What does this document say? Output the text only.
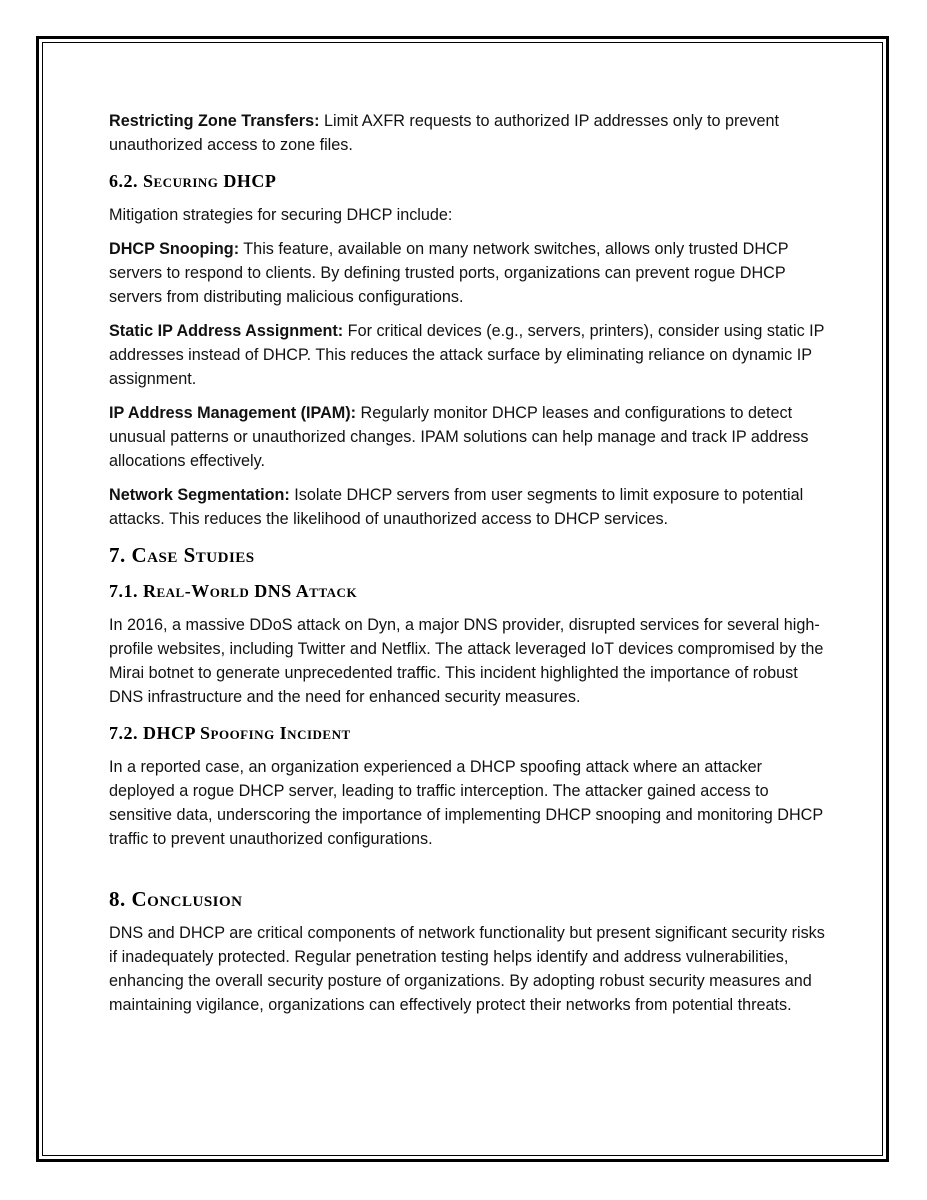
Restricting Zone Transfers: Limit AXFR requests to authorized IP addresses only to prevent unauthorized access to zone files.

6.2. Securing DHCP

Mitigation strategies for securing DHCP include:

DHCP Snooping: This feature, available on many network switches, allows only trusted DHCP servers to respond to clients. By defining trusted ports, organizations can prevent rogue DHCP servers from distributing malicious configurations.

Static IP Address Assignment: For critical devices (e.g., servers, printers), consider using static IP addresses instead of DHCP. This reduces the attack surface by eliminating reliance on dynamic IP assignment.

IP Address Management (IPAM): Regularly monitor DHCP leases and configurations to detect unusual patterns or unauthorized changes. IPAM solutions can help manage and track IP address allocations effectively.

Network Segmentation: Isolate DHCP servers from user segments to limit exposure to potential attacks. This reduces the likelihood of unauthorized access to DHCP services.

7. Case Studies
7.1. Real-World DNS Attack

In 2016, a massive DDoS attack on Dyn, a major DNS provider, disrupted services for several high-profile websites, including Twitter and Netflix. The attack leveraged IoT devices compromised by the Mirai botnet to generate unprecedented traffic. This incident highlighted the importance of robust DNS infrastructure and the need for enhanced security measures.

7.2. DHCP Spoofing Incident

In a reported case, an organization experienced a DHCP spoofing attack where an attacker deployed a rogue DHCP server, leading to traffic interception. The attacker gained access to sensitive data, underscoring the importance of implementing DHCP snooping and monitoring DHCP traffic to prevent unauthorized configurations.

8. Conclusion

DNS and DHCP are critical components of network functionality but present significant security risks if inadequately protected. Regular penetration testing helps identify and address vulnerabilities, enhancing the overall security posture of organizations. By adopting robust security measures and maintaining vigilance, organizations can effectively protect their networks from potential threats.
